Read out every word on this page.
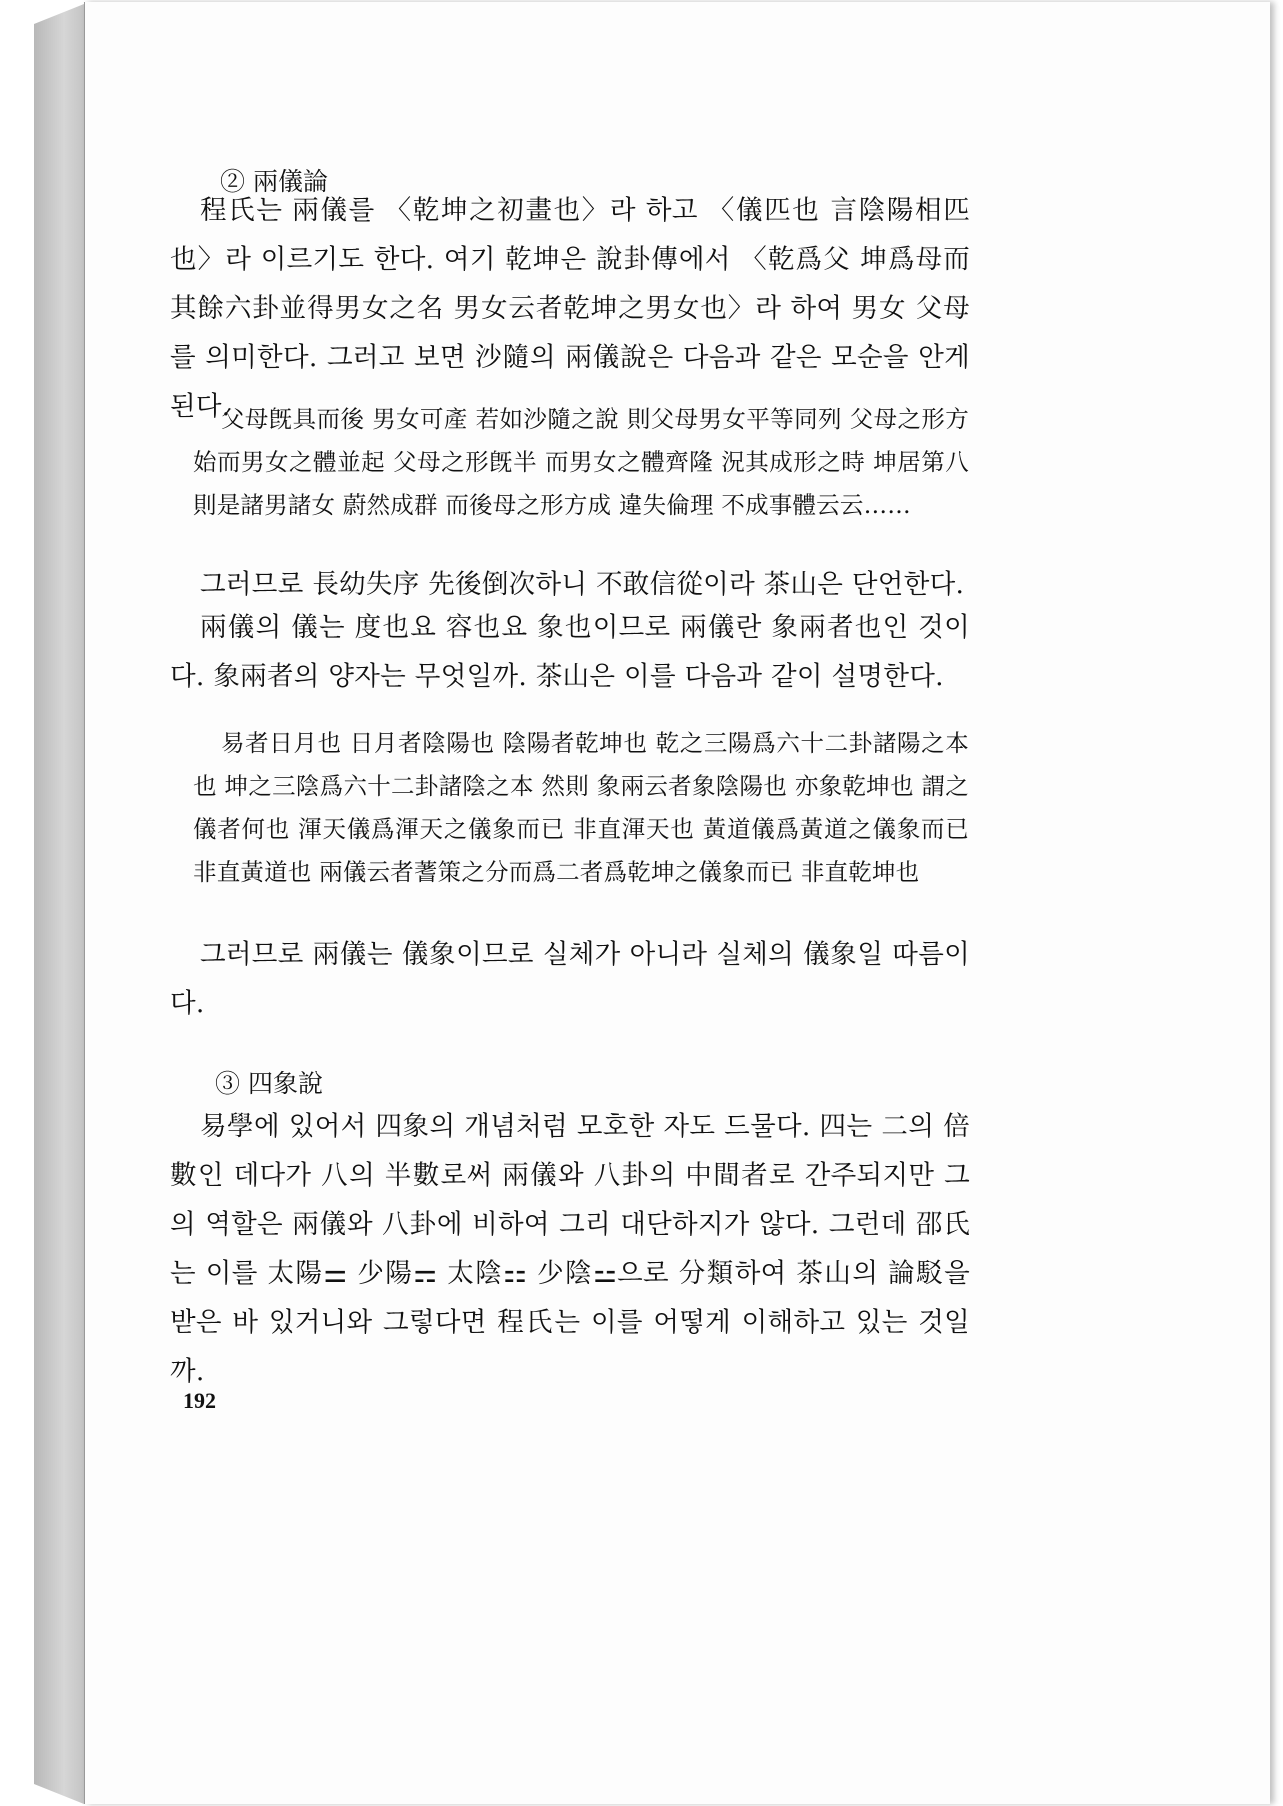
② 兩儀論
程氏는 兩儀를 〈乾坤之初畫也〉라 하고 〈儀匹也 言陰陽相匹也〉라 이르기도 한다. 여기 乾坤은 說卦傳에서 〈乾爲父 坤爲母而其餘六卦並得男女之名 男女云者乾坤之男女也〉라 하여 男女 父母를 의미한다. 그러고 보면 沙隨의 兩儀說은 다음과 같은 모순을 안게 된다.
父母旣具而後 男女可產 若如沙隨之說 則父母男女平等同列 父母之形方始而男女之體並起 父母之形旣半 而男女之體齊隆 況其成形之時 坤居第八 則是諸男諸女 蔚然成群 而後母之形方成 違失倫理 不成事體云云……
그러므로 長幼失序 先後倒次하니 不敢信從이라 茶山은 단언한다.
兩儀의 儀는 度也요 容也요 象也이므로 兩儀란 象兩者也인 것이다. 象兩者의 양자는 무엇일까. 茶山은 이를 다음과 같이 설명한다.
易者日月也 日月者陰陽也 陰陽者乾坤也 乾之三陽爲六十二卦諸陽之本也 坤之三陰爲六十二卦諸陰之本 然則 象兩云者象陰陽也 亦象乾坤也 謂之儀者何也 渾天儀爲渾天之儀象而已 非直渾天也 黃道儀爲黃道之儀象而已 非直黃道也 兩儀云者蓍策之分而爲二者爲乾坤之儀象而已 非直乾坤也
그러므로 兩儀는 儀象이므로 실체가 아니라 실체의 儀象일 따름이다.
③ 四象說
易學에 있어서 四象의 개념처럼 모호한 자도 드물다. 四는 二의 倍數인 데다가 八의 半數로써 兩儀와 八卦의 中間者로 간주되지만 그의 역할은 兩儀와 八卦에 비하여 그리 대단하지가 않다. 그런데 邵氏는 이를 太陽⚌ 少陽⚎ 太陰⚏ 少陰⚍으로 分類하여 茶山의 論駁을 받은 바 있거니와 그렇다면 程氏는 이를 어떻게 이해하고 있는 것일까.
192
